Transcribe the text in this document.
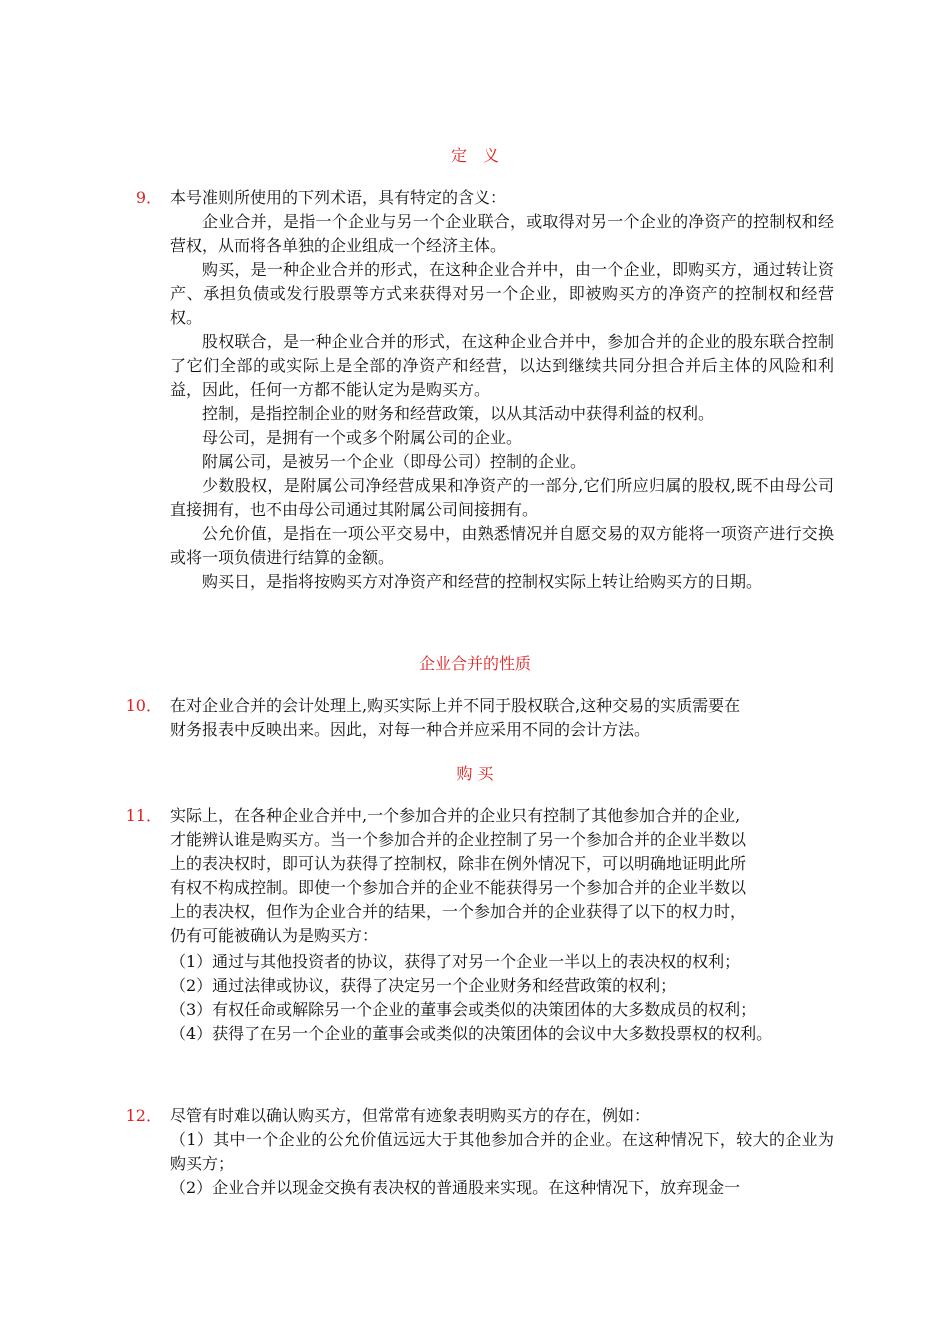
定　义
9． 本号准则所使用的下列术语，具有特定的含义：

企业合并，是指一个企业与另一个企业联合，或取得对另一个企业的净资产的控制权和经营权，从而将各单独的企业组成一个经济主体。

购买，是一种企业合并的形式，在这种企业合并中，由一个企业，即购买方，通过转让资产、承担负债或发行股票等方式来获得对另一个企业，即被购买方的净资产的控制权和经营权。

股权联合，是一种企业合并的形式，在这种企业合并中，参加合并的企业的股东联合控制了它们全部的或实际上是全部的净资产和经营，以达到继续共同分担合并后主体的风险和利益，因此，任何一方都不能认定为是购买方。

控制，是指控制企业的财务和经营政策，以从其活动中获得利益的权利。

母公司，是拥有一个或多个附属公司的企业。

附属公司，是被另一个企业（即母公司）控制的企业。

少数股权，是附属公司净经营成果和净资产的一部分,它们所应归属的股权,既不由母公司直接拥有，也不由母公司通过其附属公司间接拥有。

公允价值，是指在一项公平交易中，由熟悉情况并自愿交易的双方能将一项资产进行交换或将一项负债进行结算的金额。

购买日，是指将按购买方对净资产和经营的控制权实际上转让给购买方的日期。

企业合并的性质
10． 在对企业合并的会计处理上,购买实际上并不同于股权联合,这种交易的实质需要在
财务报表中反映出来。因此，对每一种合并应采用不同的会计方法。
购 买
11． 实际上，在各种企业合并中,一个参加合并的企业只有控制了其他参加合并的企业,
才能辨认谁是购买方。当一个参加合并的企业控制了另一个参加合并的企业半数以
上的表决权时，即可认为获得了控制权，除非在例外情况下，可以明确地证明此所
有权不构成控制。即使一个参加合并的企业不能获得另一个参加合并的企业半数以
上的表决权，但作为企业合并的结果，一个参加合并的企业获得了以下的权力时，
仍有可能被确认为是购买方：

（1）通过与其他投资者的协议，获得了对另一个企业一半以上的表决权的权利；

（2）通过法律或协议，获得了决定另一个企业财务和经营政策的权利；

（3）有权任命或解除另一个企业的董事会或类似的决策团体的大多数成员的权利；

（4）获得了在另一个企业的董事会或类似的决策团体的会议中大多数投票权的权利。

12． 尽管有时难以确认购买方，但常常有迹象表明购买方的存在，例如：

（1）其中一个企业的公允价值远远大于其他参加合并的企业。在这种情况下，较大的企业为购买方；

（2）企业合并以现金交换有表决权的普通股来实现。在这种情况下，放弃现金一
